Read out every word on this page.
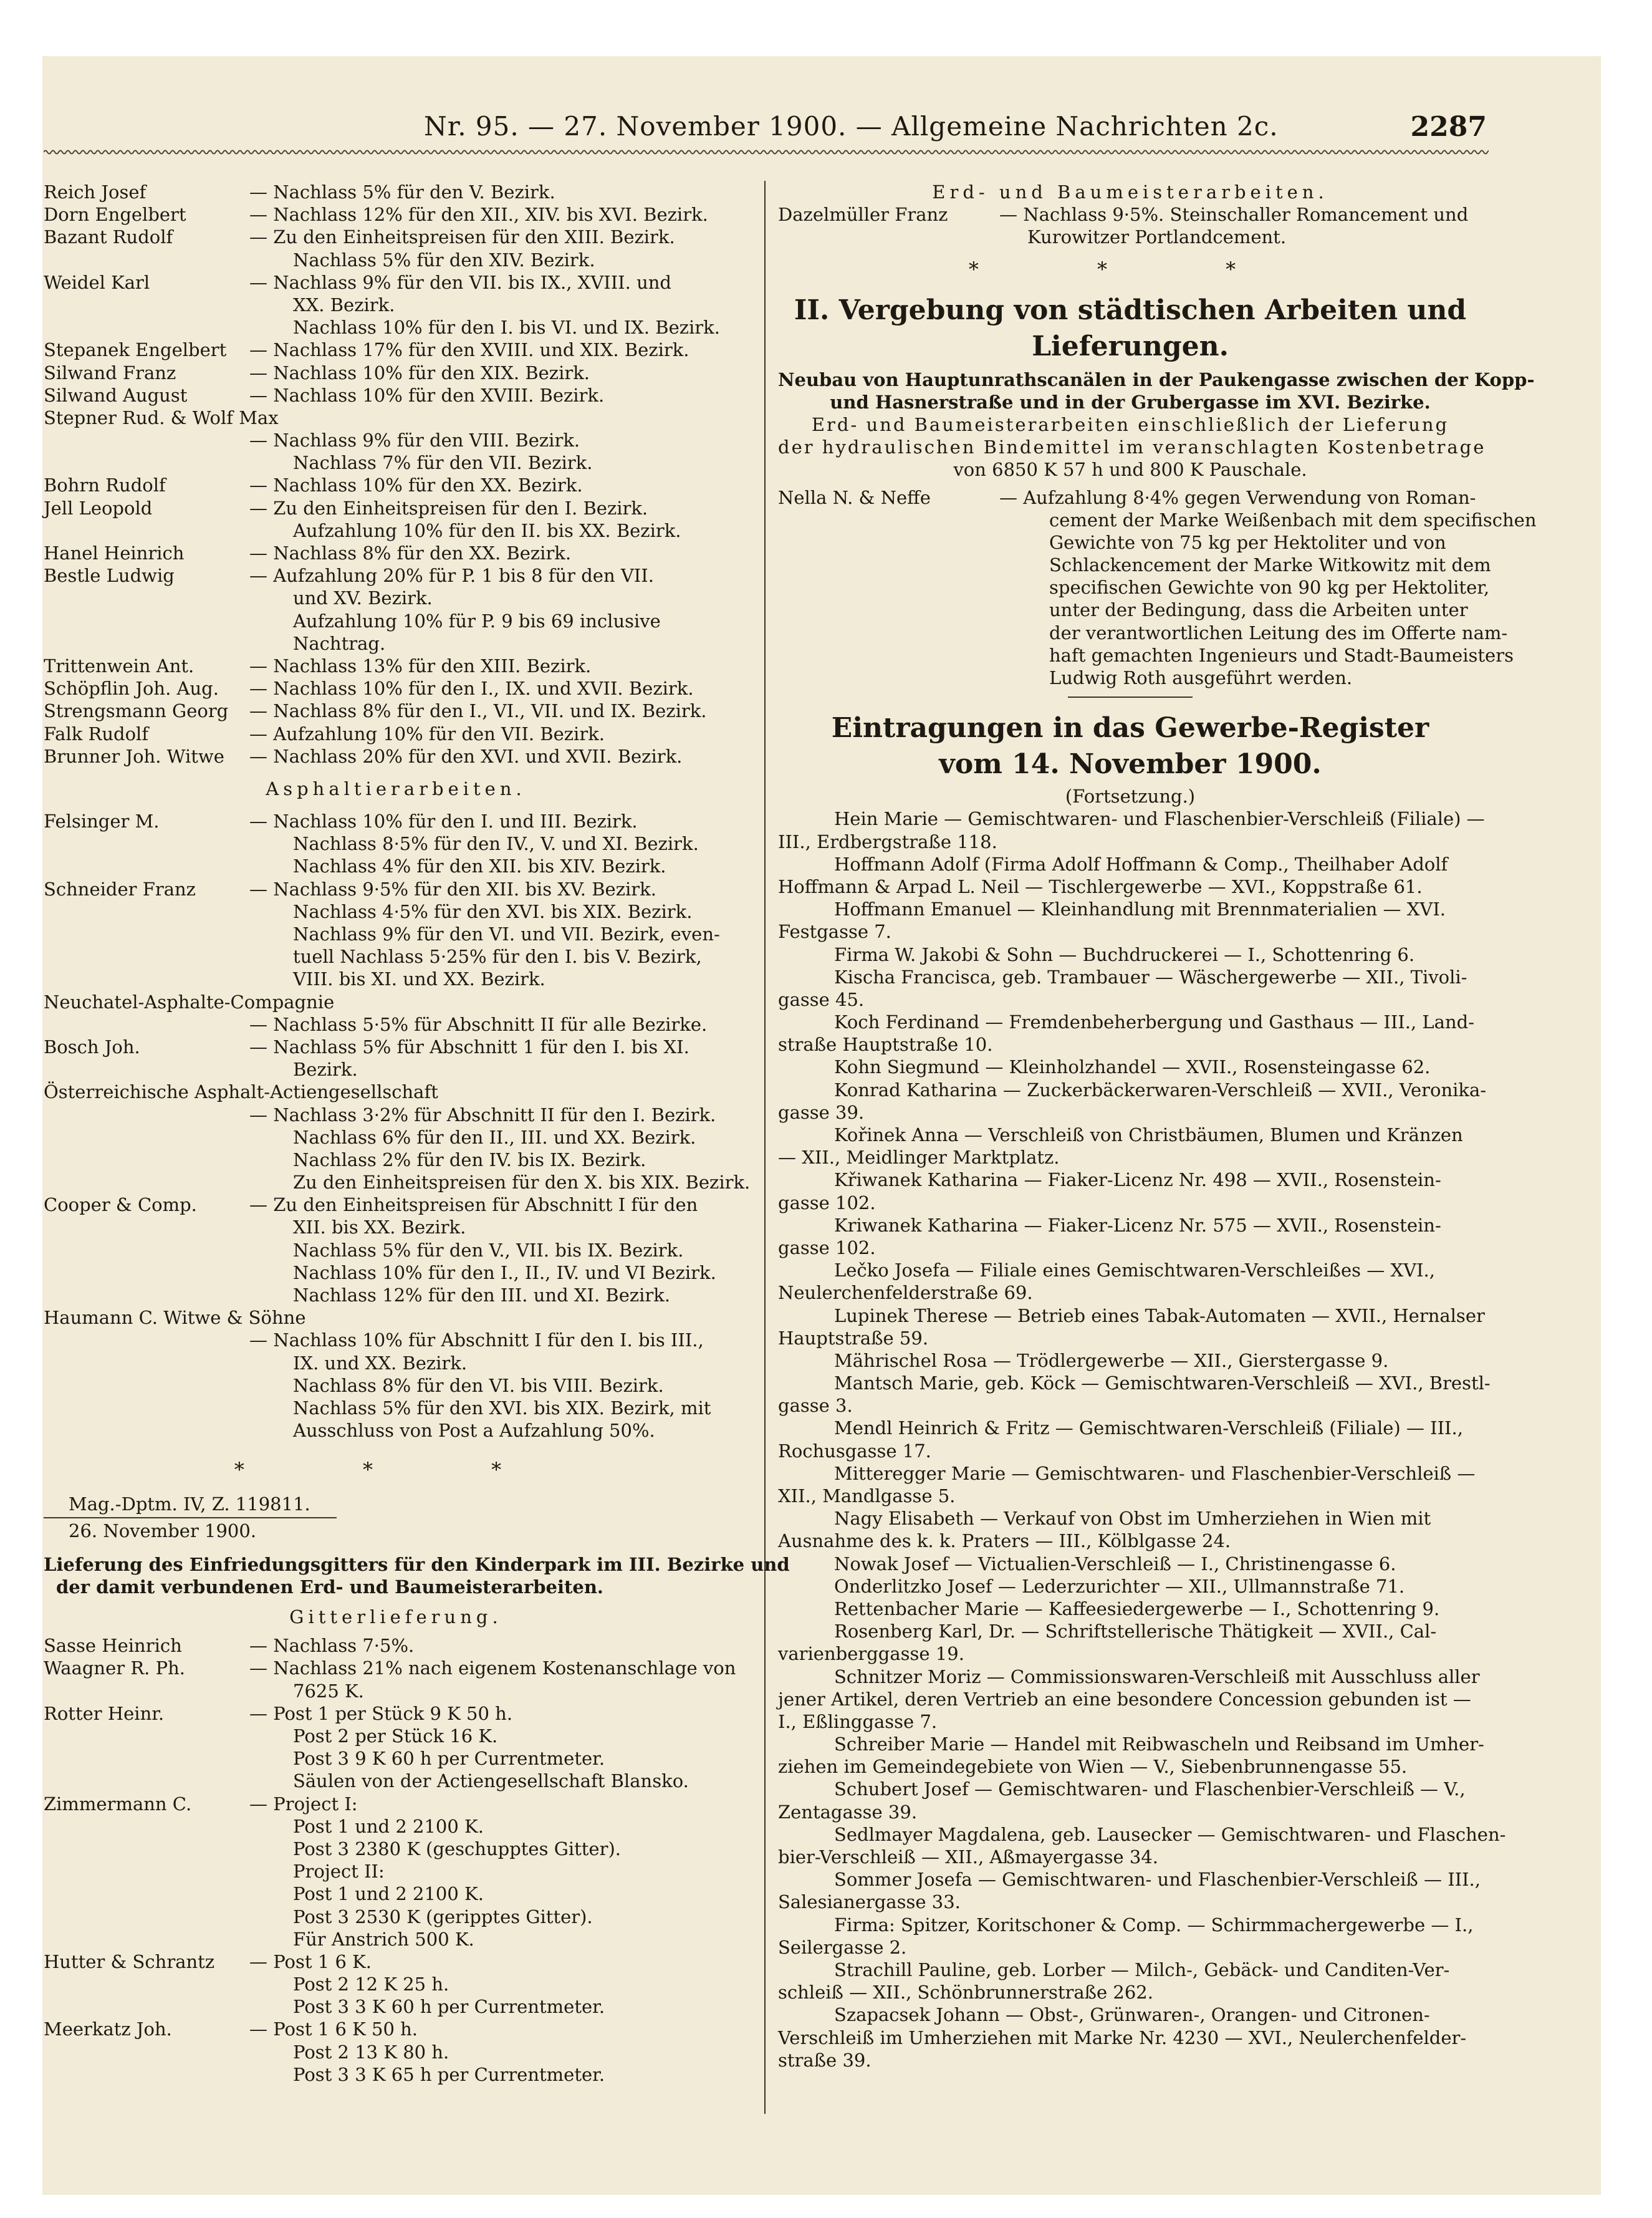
Nr. 95. — 27. November 1900. — Allgemeine Nachrichten 2c.	2287
Reich Josef	— Nachlass 5% für den V. Bezirk.
Dorn Engelbert	— Nachlass 12% für den XII., XIV. bis XVI. Bezirk.
Bazant Rudolf	— Zu den Einheitspreisen für den XIII. Bezirk.
Nachlass 5% für den XIV. Bezirk.
Weidel Karl	— Nachlass 9% für den VII. bis IX., XVIII. und
XX. Bezirk.
Nachlass 10% für den I. bis VI. und IX. Bezirk.
Stepanek Engelbert — Nachlass 17% für den XVIII. und XIX. Bezirk.
Silwand Franz	— Nachlass 10% für den XIX. Bezirk.
Silwand August	— Nachlass 10% für den XVIII. Bezirk.
Stepner Rud. & Wolf Max
— Nachlass 9% für den VIII. Bezirk.
Nachlass 7% für den VII. Bezirk.
Bohrn Rudolf	— Nachlass 10% für den XX. Bezirk.
Jell Leopold	— Zu den Einheitspreisen für den I. Bezirk.
Aufzahlung 10% für den II. bis XX. Bezirk.
Hanel Heinrich	— Nachlass 8% für den XX. Bezirk.
Bestle Ludwig	— Aufzahlung 20% für P. 1 bis 8 für den VII.
und XV. Bezirk.
Aufzahlung 10% für P. 9 bis 69 inclusive
Nachtrag.
Trittenwein Ant.	— Nachlass 13% für den XIII. Bezirk.
Schöpflin Joh. Aug. — Nachlass 10% für den I., IX. und XVII. Bezirk.
Strengsmann Georg — Nachlass 8% für den I., VI., VII. und IX. Bezirk.
Falk Rudolf	— Aufzahlung 10% für den VII. Bezirk.
Brunner Joh. Witwe — Nachlass 20% für den XVI. und XVII. Bezirk.
Asphaltierarbeiten.
Felsinger M.	— Nachlass 10% für den I. und III. Bezirk.
Nachlass 8·5% für den IV., V. und XI. Bezirk.
Nachlass 4% für den XII. bis XIV. Bezirk.
Schneider Franz	— Nachlass 9·5% für den XII. bis XV. Bezirk.
Nachlass 4·5% für den XVI. bis XIX. Bezirk.
Nachlass 9% für den VI. und VII. Bezirk, even-
tuell Nachlass 5·25% für den I. bis V. Bezirk,
VIII. bis XI. und XX. Bezirk.
Neuchatel-Asphalte-Compagnie
— Nachlass 5·5% für Abschnitt II für alle Bezirke.
Bosch Joh.	— Nachlass 5% für Abschnitt 1 für den I. bis XI.
Bezirk.
Österreichische Asphalt-Actiengesellschaft
— Nachlass 3·2% für Abschnitt II für den I. Bezirk.
Nachlass 6% für den II., III. und XX. Bezirk.
Nachlass 2% für den IV. bis IX. Bezirk.
Zu den Einheitspreisen für den X. bis XIX. Bezirk.
Cooper & Comp.	— Zu den Einheitspreisen für Abschnitt I für den
XII. bis XX. Bezirk.
Nachlass 5% für den V., VII. bis IX. Bezirk.
Nachlass 10% für den I., II., IV. und VI Bezirk.
Nachlass 12% für den III. und XI. Bezirk.
Haumann C. Witwe & Söhne
— Nachlass 10% für Abschnitt I für den I. bis III.,
IX. und XX. Bezirk.
Nachlass 8% für den VI. bis VIII. Bezirk.
Nachlass 5% für den XVI. bis XIX. Bezirk, mit
Ausschluss von Post a Aufzahlung 50%.
* * *
Mag.-Dptm. IV, Z. 119811.
26. November 1900.
Lieferung des Einfriedungsgitters für den Kinderpark im III. Bezirke und
der damit verbundenen Erd- und Baumeisterarbeiten.
Gitterlieferung.
Sasse Heinrich	— Nachlass 7·5%.
Waagner R. Ph.	— Nachlass 21% nach eigenem Kostenanschlage von
7625 K.
Rotter Heinr.	— Post 1 per Stück 9 K 50 h.
Post 2 per Stück 16 K.
Post 3 9 K 60 h per Currentmeter.
Säulen von der Actiengesellschaft Blansko.
Zimmermann C.	— Project I:
Post 1 und 2 2100 K.
Post 3 2380 K (geschupptes Gitter).
Project II:
Post 1 und 2 2100 K.
Post 3 2530 K (geripptes Gitter).
Für Anstrich 500 K.
Hutter & Schrantz — Post 1 6 K.
Post 2 12 K 25 h.
Post 3 3 K 60 h per Currentmeter.
Meerkatz Joh.	— Post 1 6 K 50 h.
Post 2 13 K 80 h.
Post 3 3 K 65 h per Currentmeter.
Erd- und Baumeisterarbeiten.
Dazelmüller Franz	— Nachlass 9·5%. Steinschaller Romancement und
Kurowitzer Portlandcement.
* * *
II. Vergebung von städtischen Arbeiten und
Lieferungen.
Neubau von Hauptunrathscanälen in der Paukengasse zwischen der Kopp-
und Hasnerstraße und in der Grubergasse im XVI. Bezirke.
Erd- und Baumeisterarbeiten einschließlich der Lieferung
der hydraulischen Bindemittel im veranschlagten Kostenbetrage
von 6850 K 57 h und 800 K Pauschale.
Nella N. & Neffe	— Aufzahlung 8·4% gegen Verwendung von Roman-
cement der Marke Weißenbach mit dem specifischen
Gewichte von 75 kg per Hektoliter und von
Schlackencement der Marke Witkowitz mit dem
specifischen Gewichte von 90 kg per Hektoliter,
unter der Bedingung, dass die Arbeiten unter
der verantwortlichen Leitung des im Offerte nam-
haft gemachten Ingenieurs und Stadt-Baumeisters
Ludwig Roth ausgeführt werden.
Eintragungen in das Gewerbe-Register
vom 14. November 1900.
(Fortsetzung.)
Hein Marie — Gemischtwaren- und Flaschenbier-Verschleiß (Filiale) —
III., Erdbergstraße 118.
Hoffmann Adolf (Firma Adolf Hoffmann & Comp., Theilhaber Adolf
Hoffmann & Arpad L. Neil — Tischlergewerbe — XVI., Koppstraße 61.
Hoffmann Emanuel — Kleinhandlung mit Brennmaterialien — XVI.
Festgasse 7.
Firma W. Jakobi & Sohn — Buchdruckerei — I., Schottenring 6.
Kischa Francisca, geb. Trambauer — Wäschergewerbe — XII., Tivoli-
gasse 45.
Koch Ferdinand — Fremdenbeherbergung und Gasthaus — III., Land-
straße Hauptstraße 10.
Kohn Siegmund — Kleinholzhandel — XVII., Rosensteingasse 62.
Konrad Katharina — Zuckerbäckerwaren-Verschleiß — XVII., Veronika-
gasse 39.
Kořinek Anna — Verschleiß von Christbäumen, Blumen und Kränzen
— XII., Meidlinger Marktplatz.
Křiwanek Katharina — Fiaker-Licenz Nr. 498 — XVII., Rosenstein-
gasse 102.
Kriwanek Katharina — Fiaker-Licenz Nr. 575 — XVII., Rosenstein-
gasse 102.
Lečko Josefa — Filiale eines Gemischtwaren-Verschleißes — XVI.,
Neulerchenfelderstraße 69.
Lupinek Therese — Betrieb eines Tabak-Automaten — XVII., Hernalser
Hauptstraße 59.
Mährischel Rosa — Trödlergewerbe — XII., Gierstergasse 9.
Mantsch Marie, geb. Köck — Gemischtwaren-Verschleiß — XVI., Brestl-
gasse 3.
Mendl Heinrich & Fritz — Gemischtwaren-Verschleiß (Filiale) — III.,
Rochusgasse 17.
Mitteregger Marie — Gemischtwaren- und Flaschenbier-Verschleiß —
XII., Mandlgasse 5.
Nagy Elisabeth — Verkauf von Obst im Umherziehen in Wien mit
Ausnahme des k. k. Praters — III., Kölblgasse 24.
Nowak Josef — Victualien-Verschleiß — I., Christinengasse 6.
Onderlitzko Josef — Lederzurichter — XII., Ullmannstraße 71.
Rettenbacher Marie — Kaffeesiedergewerbe — I., Schottenring 9.
Rosenberg Karl, Dr. — Schriftstellerische Thätigkeit — XVII., Cal-
varienberggasse 19.
Schnitzer Moriz — Commissionswaren-Verschleiß mit Ausschluss aller
jener Artikel, deren Vertrieb an eine besondere Concession gebunden ist —
I., Eßlinggasse 7.
Schreiber Marie — Handel mit Reibwascheln und Reibsand im Umher-
ziehen im Gemeindegebiete von Wien — V., Siebenbrunnengasse 55.
Schubert Josef — Gemischtwaren- und Flaschenbier-Verschleiß — V.,
Zentagasse 39.
Sedlmayer Magdalena, geb. Lausecker — Gemischtwaren- und Flaschen-
bier-Verschleiß — XII., Aßmayergasse 34.
Sommer Josefa — Gemischtwaren- und Flaschenbier-Verschleiß — III.,
Salesianergasse 33.
Firma: Spitzer, Koritschoner & Comp. — Schirmmachergewerbe — I.,
Seilergasse 2.
Strachill Pauline, geb. Lorber — Milch-, Gebäck- und Canditen-Ver-
schleiß — XII., Schönbrunnerstraße 262.
Szapacsek Johann — Obst-, Grünwaren-, Orangen- und Citronen-
Verschleiß im Umherziehen mit Marke Nr. 4230 — XVI., Neulerchenfelder-
straße 39.
